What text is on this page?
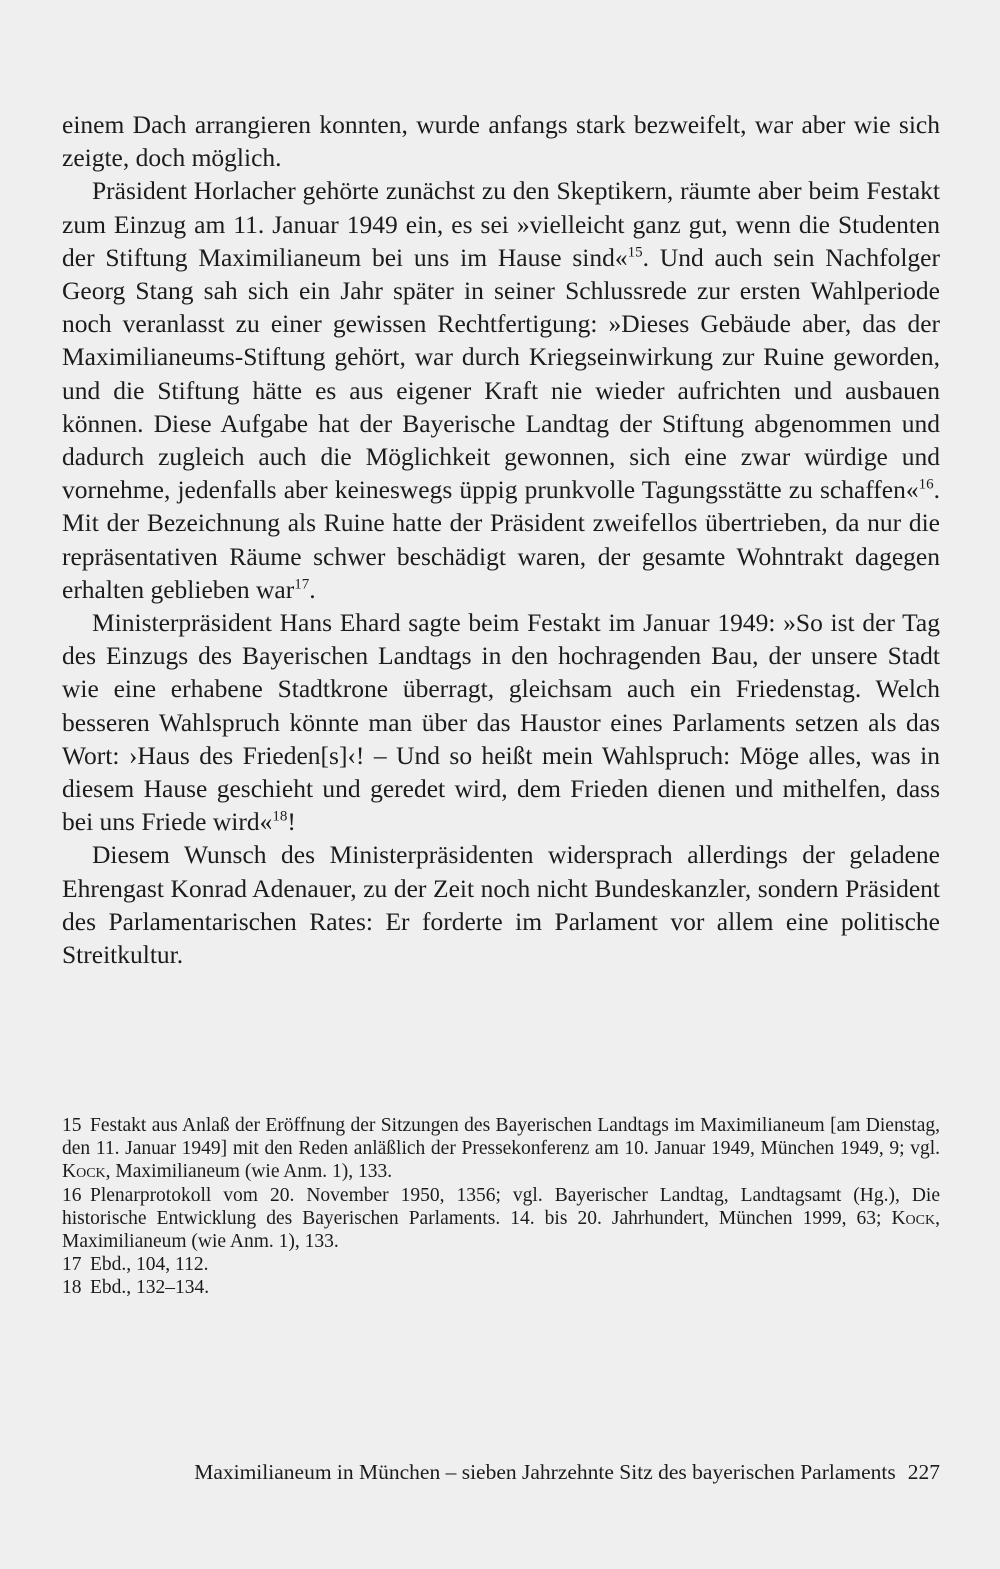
einem Dach arrangieren konnten, wurde anfangs stark bezweifelt, war aber wie sich zeigte, doch möglich.

Präsident Horlacher gehörte zunächst zu den Skeptikern, räumte aber beim Festakt zum Einzug am 11. Januar 1949 ein, es sei »vielleicht ganz gut, wenn die Studenten der Stiftung Maximilianeum bei uns im Hause sind«$^{15}$. Und auch sein Nachfolger Georg Stang sah sich ein Jahr später in seiner Schlussrede zur ersten Wahlperiode noch veranlasst zu einer gewissen Rechtfertigung: »Dieses Gebäude aber, das der Maximilianeums-Stiftung gehört, war durch Kriegseinwirkung zur Ruine geworden, und die Stiftung hätte es aus eigener Kraft nie wieder aufrichten und ausbauen können. Diese Aufgabe hat der Bayerische Landtag der Stiftung abgenommen und dadurch zugleich auch die Möglichkeit gewonnen, sich eine zwar würdige und vornehme, jedenfalls aber keineswegs üppig prunkvolle Tagungsstätte zu schaffen«$^{16}$. Mit der Bezeichnung als Ruine hatte der Präsident zweifellos übertrieben, da nur die repräsentativen Räume schwer beschädigt waren, der gesamte Wohntrakt dagegen erhalten geblieben war$^{17}$.

Ministerpräsident Hans Ehard sagte beim Festakt im Januar 1949: »So ist der Tag des Einzugs des Bayerischen Landtags in den hochragenden Bau, der unsere Stadt wie eine erhabene Stadtkrone überragt, gleichsam auch ein Friedenstag. Welch besseren Wahlspruch könnte man über das Haustor eines Parlaments setzen als das Wort: ›Haus des Frieden[s]‹! – Und so heißt mein Wahlspruch: Möge alles, was in diesem Hause geschieht und geredet wird, dem Frieden dienen und mithelfen, dass bei uns Friede wird«$^{18}$!

Diesem Wunsch des Ministerpräsidenten widersprach allerdings der geladene Ehrengast Konrad Adenauer, zu der Zeit noch nicht Bundeskanzler, sondern Präsident des Parlamentarischen Rates: Er forderte im Parlament vor allem eine politische Streitkultur.

15 Festakt aus Anlaß der Eröffnung der Sitzungen des Bayerischen Landtags im Maximilianeum [am Dienstag, den 11. Januar 1949] mit den Reden anläßlich der Pressekonferenz am 10. Januar 1949, München 1949, 9; vgl. Kock, Maximilianeum (wie Anm. 1), 133.

16 Plenarprotokoll vom 20. November 1950, 1356; vgl. Bayerischer Landtag, Landtagsamt (Hg.), Die historische Entwicklung des Bayerischen Parlaments. 14. bis 20. Jahrhundert, München 1999, 63; Kock, Maximilianeum (wie Anm. 1), 133.

17 Ebd., 104, 112.

18 Ebd., 132–134.

Maximilianeum in München – sieben Jahrzehnte Sitz des bayerischen Parlaments 227
